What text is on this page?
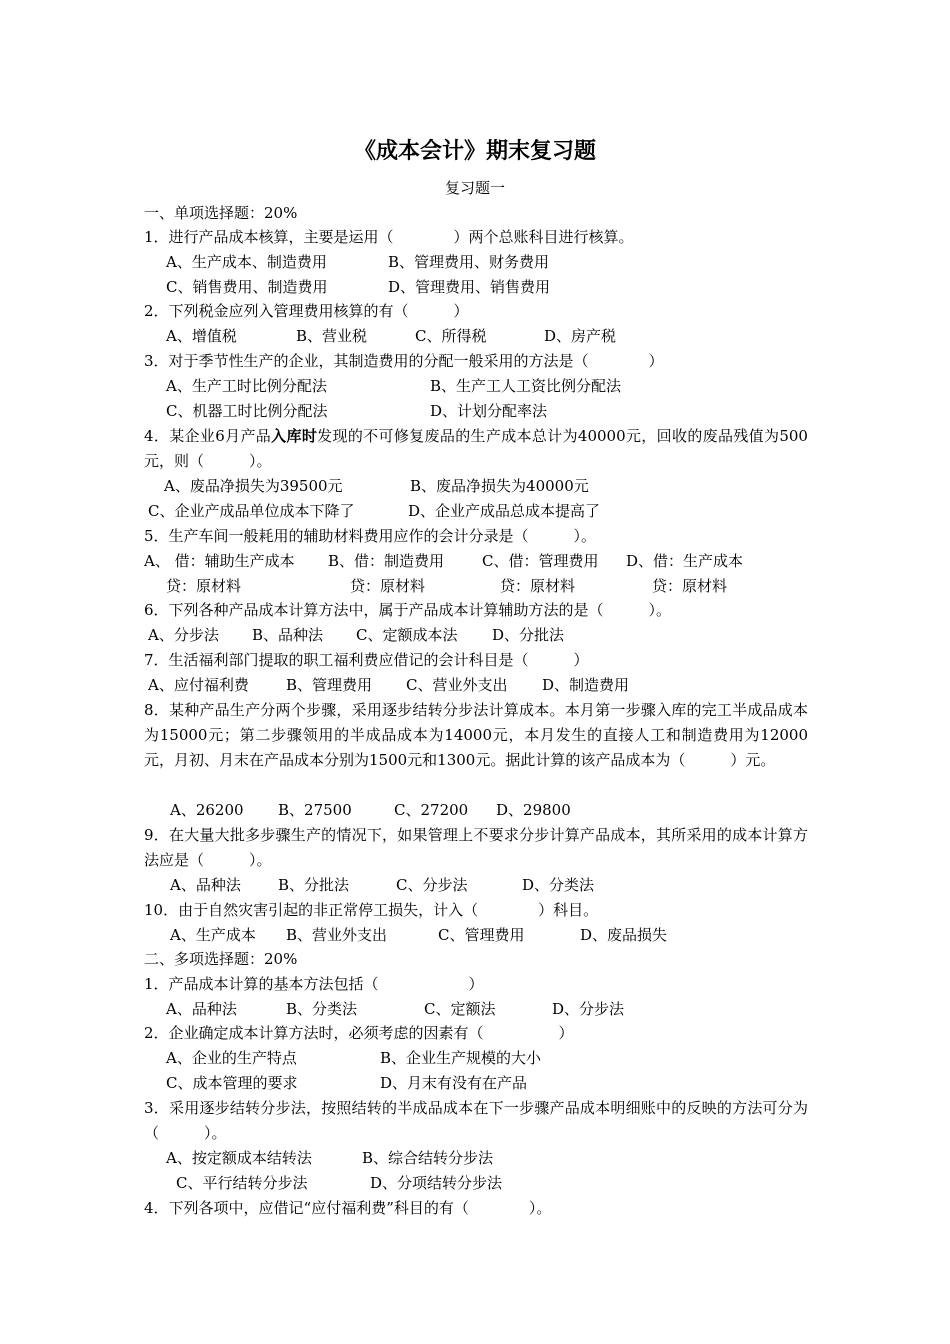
《成本会计》期末复习题
复习题一
一、单项选择题：20%
1．进行产品成本核算，主要是运用（　　　　）两个总账科目进行核算。
A、生产成本、制造费用	B、管理费用、财务费用
C、销售费用、制造费用	D、管理费用、销售费用
2．下列税金应列入管理费用核算的有（　　　）
A、增值税	B、营业税	C、所得税	D、房产税
3．对于季节性生产的企业，其制造费用的分配一般采用的方法是（　　　　）
A、生产工时比例分配法	B、生产工人工资比例分配法
C、机器工时比例分配法	D、计划分配率法
4．某企业6月产品入库时发现的不可修复废品的生产成本总计为40000元，回收的废品残值为500元，则（　　　）。
A、废品净损失为39500元	B、废品净损失为40000元
C、企业产成品单位成本下降了	D、企业产成品总成本提高了
5．生产车间一般耗用的辅助材料费用应作的会计分录是（　　　）。
A、 借：辅助生产成本 B、借：制造费用	C、借：管理费用 D、借：生产成本
贷：原材料	贷：原材料	贷：原材料	贷：原材料
6．下列各种产品成本计算方法中，属于产品成本计算辅助方法的是（　　　）。
A、分步法 B、品种法 C、定额成本法 D、分批法
7．生活福利部门提取的职工福利费应借记的会计科目是（　　　）
A、应付福利费 B、管理费用 C、营业外支出 D、制造费用
8．某种产品生产分两个步骤，采用逐步结转分步法计算成本。本月第一步骤入库的完工半成品成本为15000元；第二步骤领用的半成品成本为14000元，本月发生的直接人工和制造费用为12000元，月初、月末在产品成本分别为1500元和1300元。据此计算的该产品成本为（　　　）元。
A、26200 B、27500	C、27200 D、29800
9．在大量大批多步骤生产的情况下，如果管理上不要求分步计算产品成本，其所采用的成本计算方法应是（　　　）。
A、品种法 B、分批法	C、分步法	D、分类法
10．由于自然灾害引起的非正常停工损失，计入（　　　　）科目。
A、生产成本 B、营业外支出	C、管理费用	D、废品损失
二、多项选择题：20%
1．产品成本计算的基本方法包括（　　　　　　）
A、品种法	B、分类法	C、定额法	D、分步法
2．企业确定成本计算方法时，必须考虑的因素有（　　　　　）
A、企业的生产特点	B、企业生产规模的大小
C、成本管理的要求	D、月末有没有在产品
3．采用逐步结转分步法，按照结转的半成品成本在下一步骤产品成本明细账中的反映的方法可分为（　　　）。
A、按定额成本结转法	B、综合结转分步法
C、平行结转分步法	D、分项结转分步法
4．下列各项中，应借记“应付福利费”科目的有（　　　　）。
